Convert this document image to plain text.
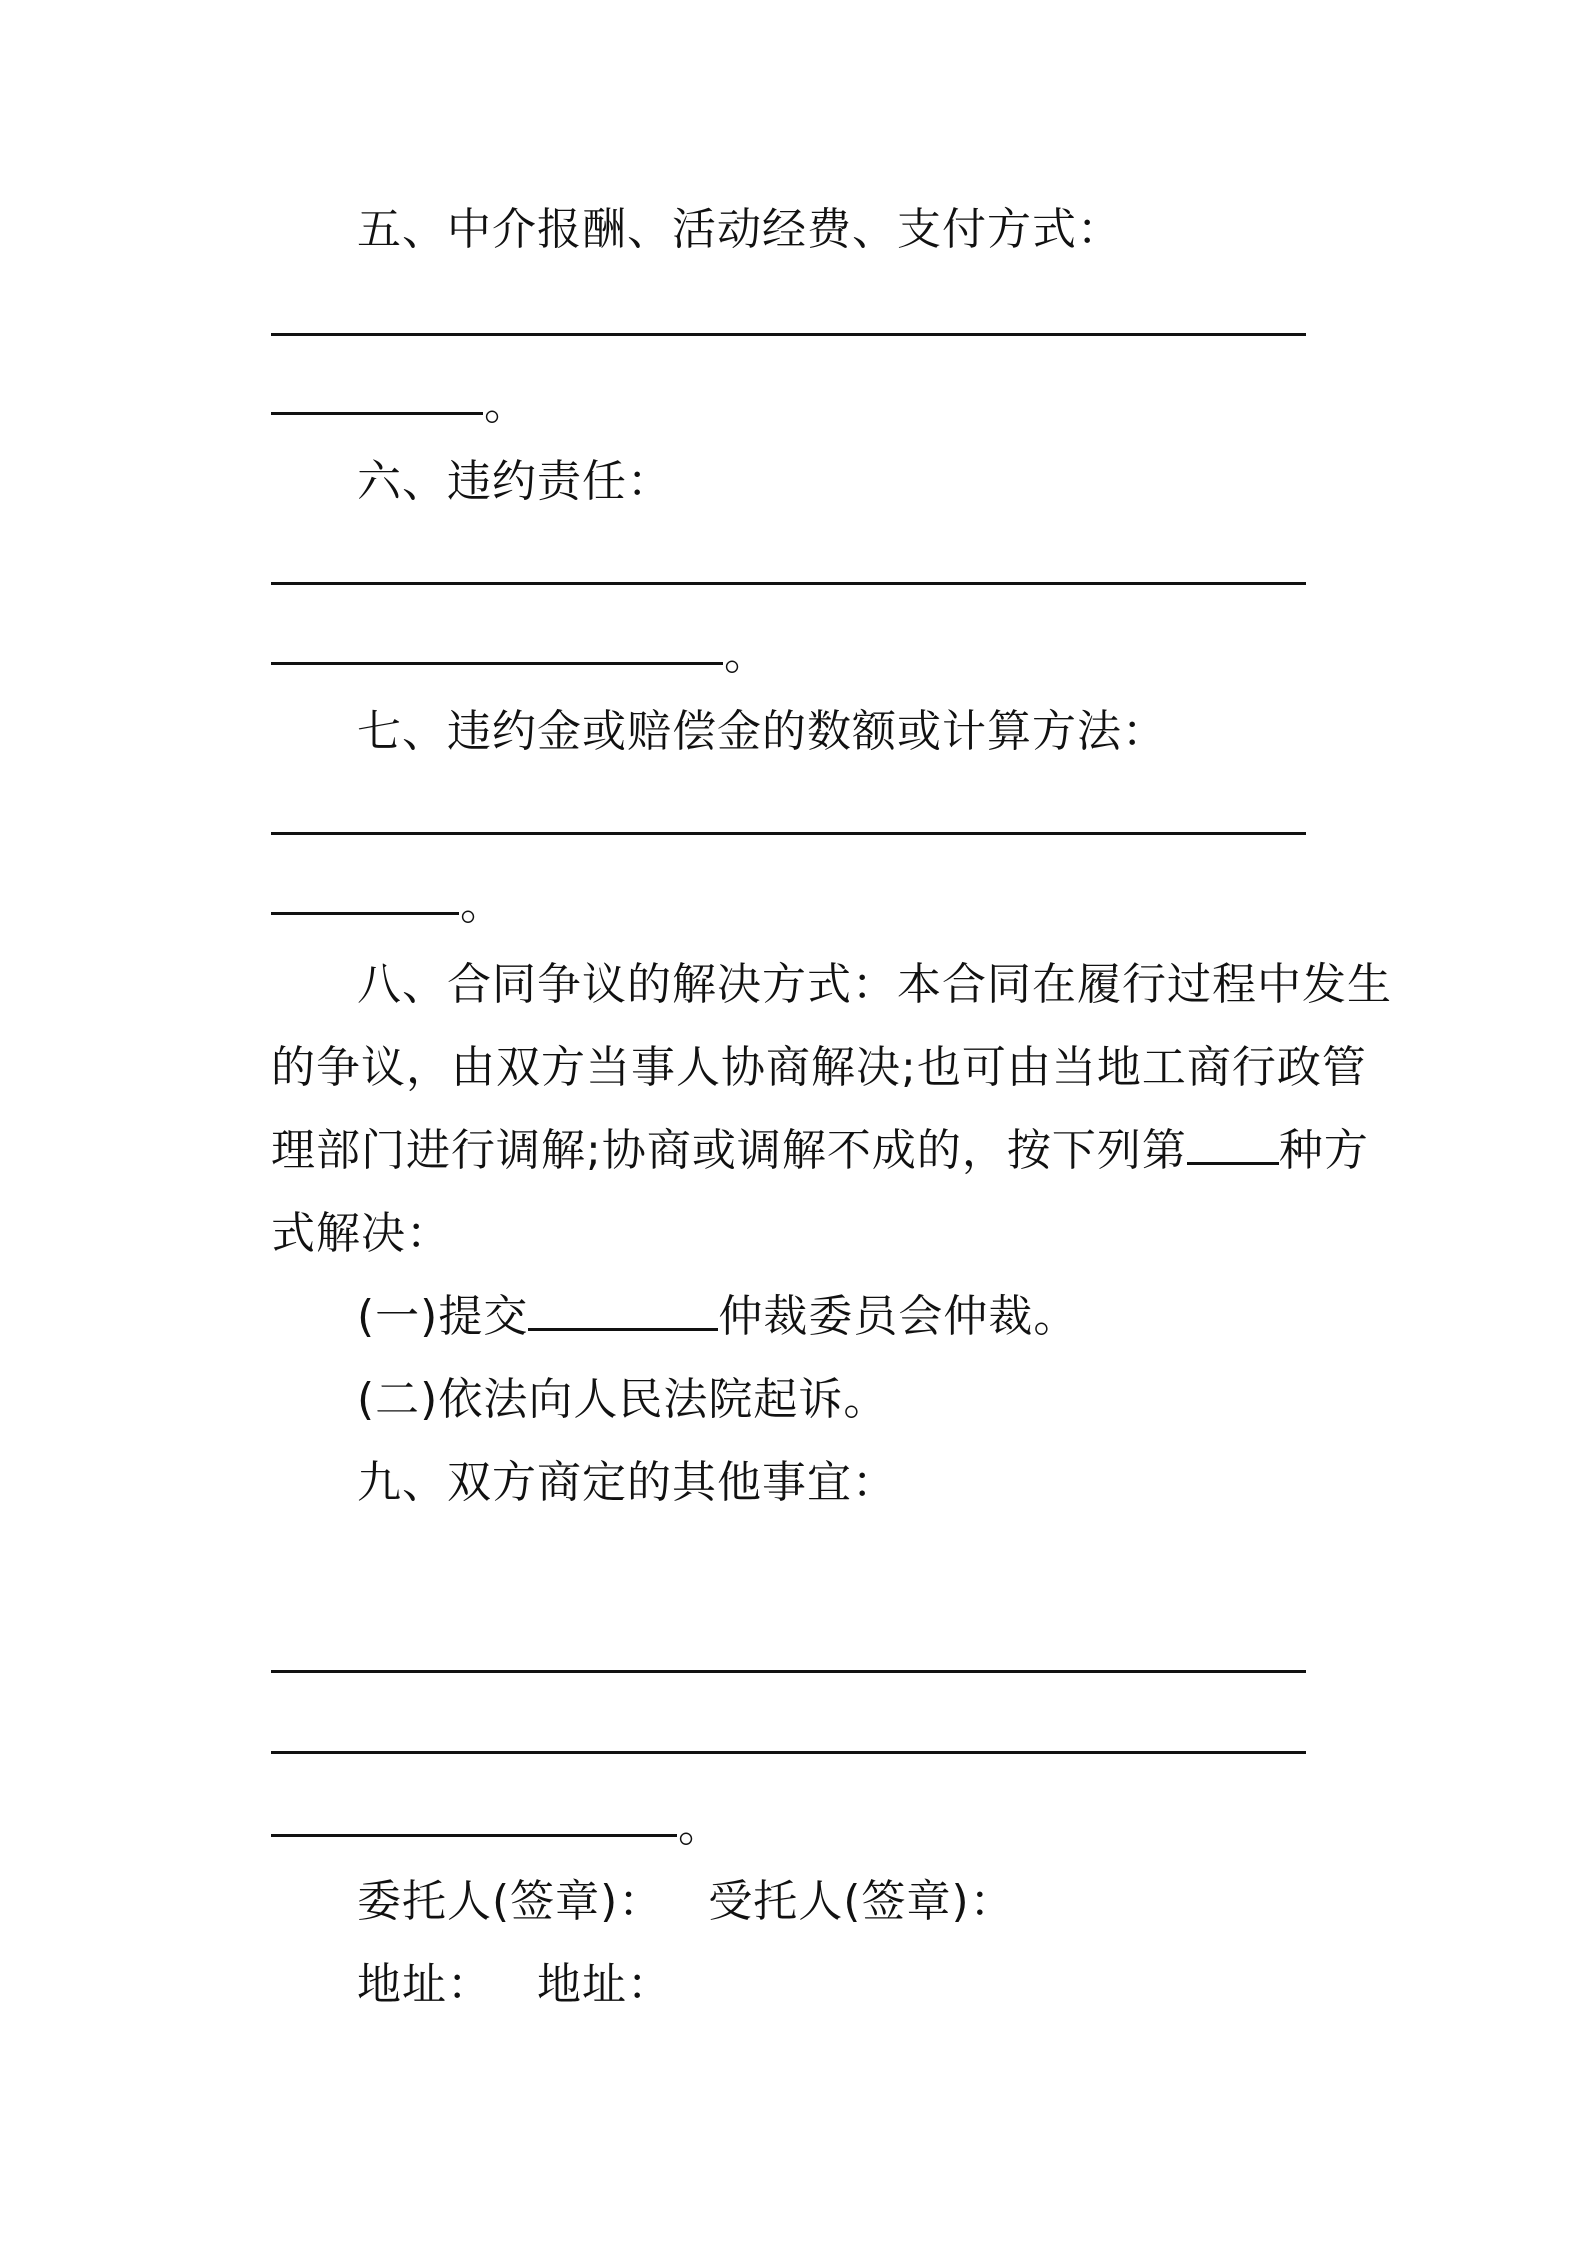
五、中介报酬、活动经费、支付方式：
。
六、违约责任：
。
七、违约金或赔偿金的数额或计算方法：
。
八、合同争议的解决方式：本合同在履行过程中发生
的争议，由双方当事人协商解决;也可由当地工商行政管
理部门进行调解;协商或调解不成的，按下列第 种方
式解决：
(一)提交	仲裁委员会仲裁。
(二)依法向人民法院起诉。
九、双方商定的其他事宜：
。
委托人(签章)：   受托人(签章)：
地址：   地址：
